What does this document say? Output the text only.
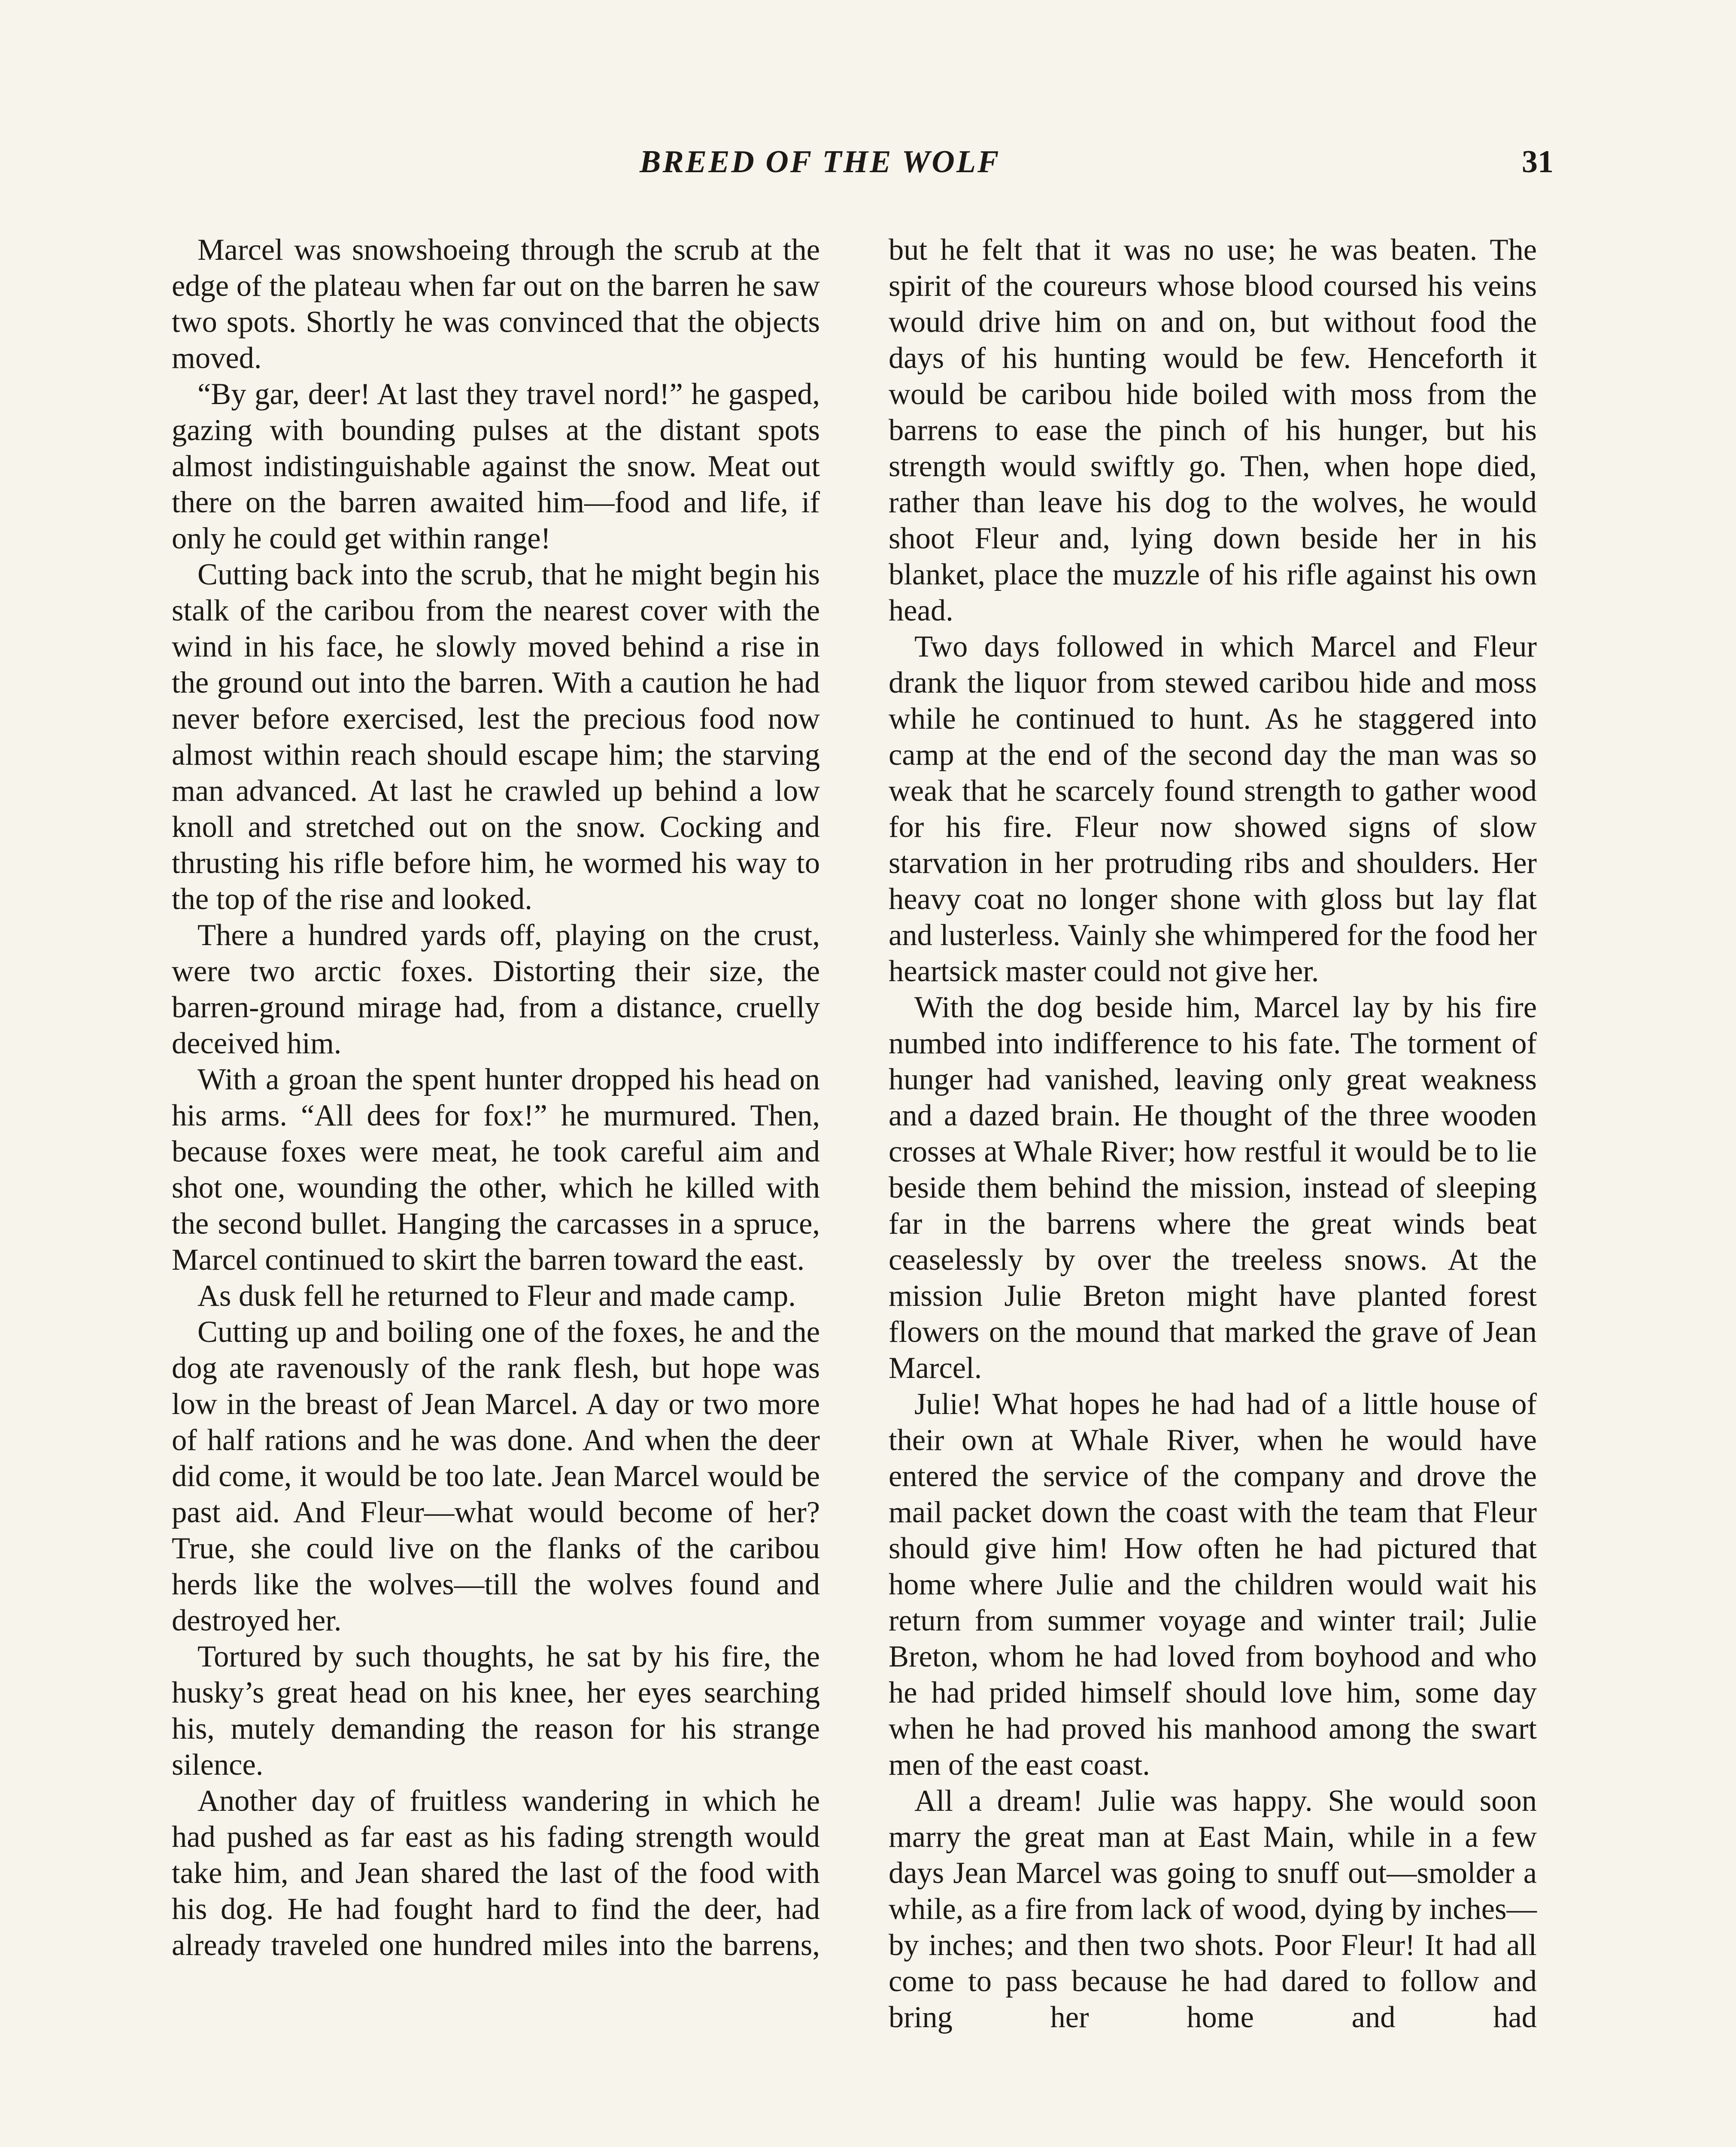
BREED OF THE WOLF	31

Marcel was snowshoeing through the scrub at the edge of the plateau when far out on the barren he saw two spots. Shortly he was convinced that the objects moved.

“By gar, deer! At last they travel nord!” he gasped, gazing with bounding pulses at the distant spots almost indistinguishable against the snow. Meat out there on the barren awaited him—food and life, if only he could get within range!

Cutting back into the scrub, that he might begin his stalk of the caribou from the nearest cover with the wind in his face, he slowly moved behind a rise in the ground out into the barren. With a caution he had never before exercised, lest the precious food now almost within reach should escape him; the starving man advanced. At last he crawled up behind a low knoll and stretched out on the snow. Cocking and thrusting his rifle before him, he wormed his way to the top of the rise and looked.

There a hundred yards off, playing on the crust, were two arctic foxes. Distorting their size, the barren-ground mirage had, from a distance, cruelly deceived him.

With a groan the spent hunter dropped his head on his arms. “All dees for fox!” he murmured. Then, because foxes were meat, he took careful aim and shot one, wounding the other, which he killed with the second bullet. Hanging the carcasses in a spruce, Marcel continued to skirt the barren toward the east.

As dusk fell he returned to Fleur and made camp.

Cutting up and boiling one of the foxes, he and the dog ate ravenously of the rank flesh, but hope was low in the breast of Jean Marcel. A day or two more of half rations and he was done. And when the deer did come, it would be too late. Jean Marcel would be past aid. And Fleur—what would become of her? True, she could live on the flanks of the caribou herds like the wolves—till the wolves found and destroyed her.

Tortured by such thoughts, he sat by his fire, the husky’s great head on his knee, her eyes searching his, mutely demanding the reason for his strange silence.

Another day of fruitless wandering in which he had pushed as far east as his fading strength would take him, and Jean shared the last of the food with his dog. He had fought hard to find the deer, had already traveled one hundred miles into the barrens,

but he felt that it was no use; he was beaten. The spirit of the coureurs whose blood coursed his veins would drive him on and on, but without food the days of his hunting would be few. Henceforth it would be caribou hide boiled with moss from the barrens to ease the pinch of his hunger, but his strength would swiftly go. Then, when hope died, rather than leave his dog to the wolves, he would shoot Fleur and, lying down beside her in his blanket, place the muzzle of his rifle against his own head.

Two days followed in which Marcel and Fleur drank the liquor from stewed caribou hide and moss while he continued to hunt. As he staggered into camp at the end of the second day the man was so weak that he scarcely found strength to gather wood for his fire. Fleur now showed signs of slow starvation in her protruding ribs and shoulders. Her heavy coat no longer shone with gloss but lay flat and lusterless. Vainly she whimpered for the food her heartsick master could not give her.

With the dog beside him, Marcel lay by his fire numbed into indifference to his fate. The torment of hunger had vanished, leaving only great weakness and a dazed brain. He thought of the three wooden crosses at Whale River; how restful it would be to lie beside them behind the mission, instead of sleeping far in the barrens where the great winds beat ceaselessly by over the treeless snows. At the mission Julie Breton might have planted forest flowers on the mound that marked the grave of Jean Marcel.

Julie! What hopes he had had of a little house of their own at Whale River, when he would have entered the service of the company and drove the mail packet down the coast with the team that Fleur should give him! How often he had pictured that home where Julie and the children would wait his return from summer voyage and winter trail; Julie Breton, whom he had loved from boyhood and who he had prided himself should love him, some day when he had proved his manhood among the swart men of the east coast.

All a dream! Julie was happy. She would soon marry the great man at East Main, while in a few days Jean Marcel was going to snuff out—smolder a while, as a fire from lack of wood, dying by inches—by inches; and then two shots. Poor Fleur! It had all come to pass because he had dared to follow and bring her home and had
